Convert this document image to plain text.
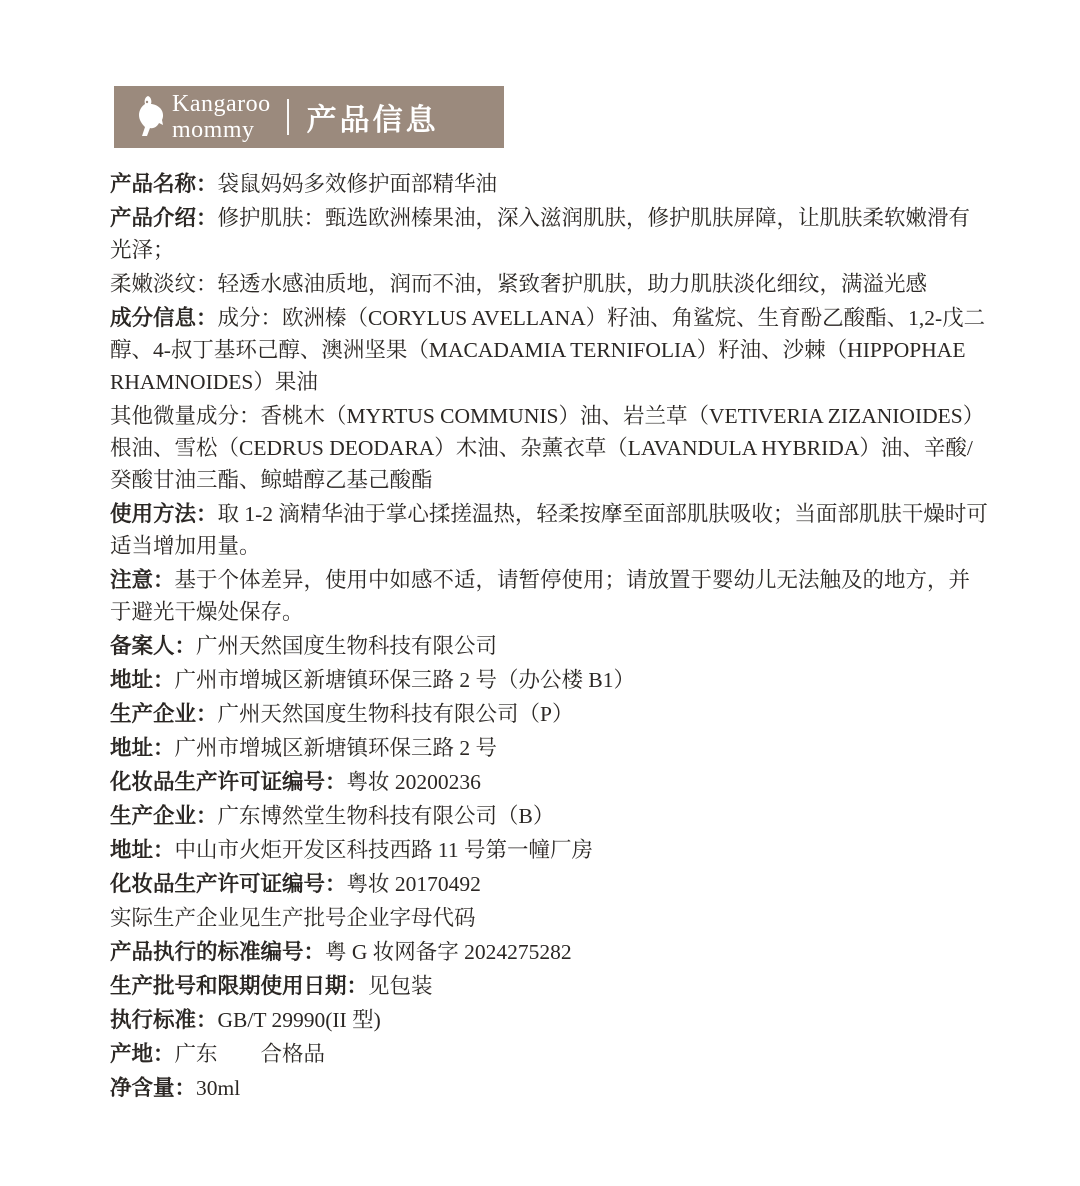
Kangaroo
mommy	产品信息

产品名称：袋鼠妈妈多效修护面部精华油

产品介绍：修护肌肤：甄选欧洲榛果油，深入滋润肌肤，修护肌肤屏障，让肌肤柔软嫩滑有光泽；

柔嫩淡纹：轻透水感油质地，润而不油，紧致奢护肌肤，助力肌肤淡化细纹，满溢光感

成分信息：成分：欧洲榛（CORYLUS AVELLANA）籽油、角鲨烷、生育酚乙酸酯、1,2-戊二醇、4-叔丁基环己醇、澳洲坚果（MACADAMIA TERNIFOLIA）籽油、沙棘（HIPPOPHAE RHAMNOIDES）果油

其他微量成分：香桃木（MYRTUS COMMUNIS）油、岩兰草（VETIVERIA ZIZANIOIDES）根油、雪松（CEDRUS DEODARA）木油、杂薰衣草（LAVANDULA HYBRIDA）油、辛酸/癸酸甘油三酯、鲸蜡醇乙基己酸酯

使用方法：取 1-2 滴精华油于掌心揉搓温热，轻柔按摩至面部肌肤吸收；当面部肌肤干燥时可适当增加用量。

注意：基于个体差异，使用中如感不适，请暂停使用；请放置于婴幼儿无法触及的地方，并于避光干燥处保存。

备案人：广州天然国度生物科技有限公司

地址：广州市增城区新塘镇环保三路 2 号（办公楼 B1）

生产企业：广州天然国度生物科技有限公司（P）

地址：广州市增城区新塘镇环保三路 2 号

化妆品生产许可证编号：粤妆 20200236

生产企业：广东博然堂生物科技有限公司（B）

地址：中山市火炬开发区科技西路 11 号第一幢厂房

化妆品生产许可证编号：粤妆 20170492

实际生产企业见生产批号企业字母代码

产品执行的标准编号：粤 G 妆网备字 2024275282

生产批号和限期使用日期：见包装

执行标准：GB/T 29990(II 型)

产地：广东　　合格品

净含量：30ml
